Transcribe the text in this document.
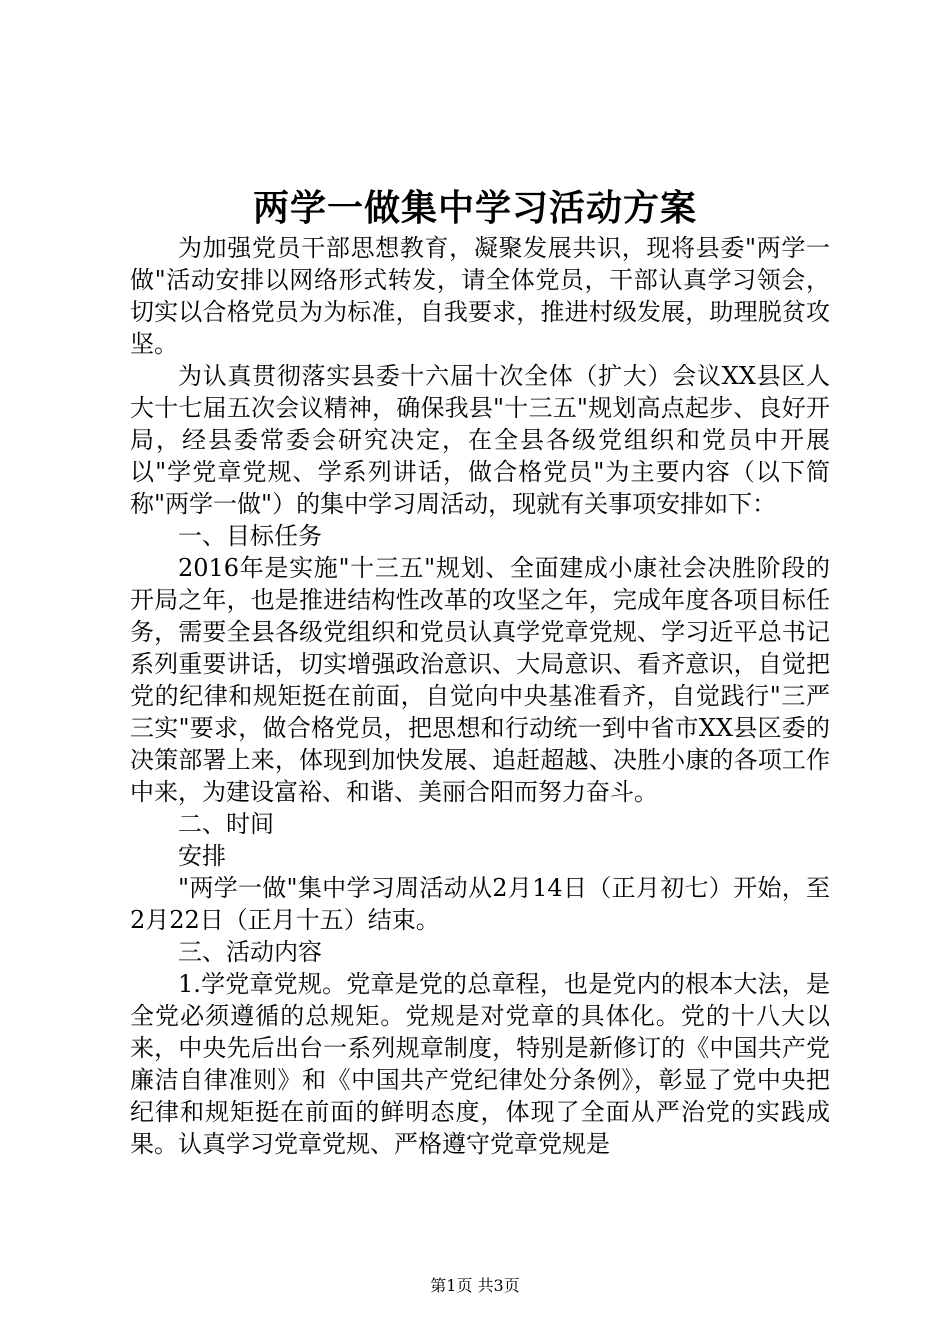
两学一做集中学习活动方案

为加强党员干部思想教育，凝聚发展共识，现将县委"两学一做"活动安排以网络形式转发，请全体党员，干部认真学习领会，切实以合格党员为为标准，自我要求，推进村级发展，助理脱贫攻坚。

为认真贯彻落实县委十六届十次全体（扩大）会议XX县区人大十七届五次会议精神，确保我县"十三五"规划高点起步、良好开局，经县委常委会研究决定，在全县各级党组织和党员中开展以"学党章党规、学系列讲话，做合格党员"为主要内容（以下简称"两学一做"）的集中学习周活动，现就有关事项安排如下：

一、目标任务

2016年是实施"十三五"规划、全面建成小康社会决胜阶段的开局之年，也是推进结构性改革的攻坚之年，完成年度各项目标任务，需要全县各级党组织和党员认真学党章党规、学习近平总书记系列重要讲话，切实增强政治意识、大局意识、看齐意识，自觉把党的纪律和规矩挺在前面，自觉向中央基准看齐，自觉践行"三严三实"要求，做合格党员，把思想和行动统一到中省市XX县区委的决策部署上来，体现到加快发展、追赶超越、决胜小康的各项工作中来，为建设富裕、和谐、美丽合阳而努力奋斗。

二、时间

安排

"两学一做"集中学习周活动从2月14日（正月初七）开始，至2月22日（正月十五）结束。

三、活动内容

1.学党章党规。党章是党的总章程，也是党内的根本大法，是全党必须遵循的总规矩。党规是对党章的具体化。党的十八大以来，中央先后出台一系列规章制度，特别是新修订的《中国共产党廉洁自律准则》和《中国共产党纪律处分条例》，彰显了党中央把纪律和规矩挺在前面的鲜明态度，体现了全面从严治党的实践成果。认真学习党章党规、严格遵守党章党规是

第1页 共3页
